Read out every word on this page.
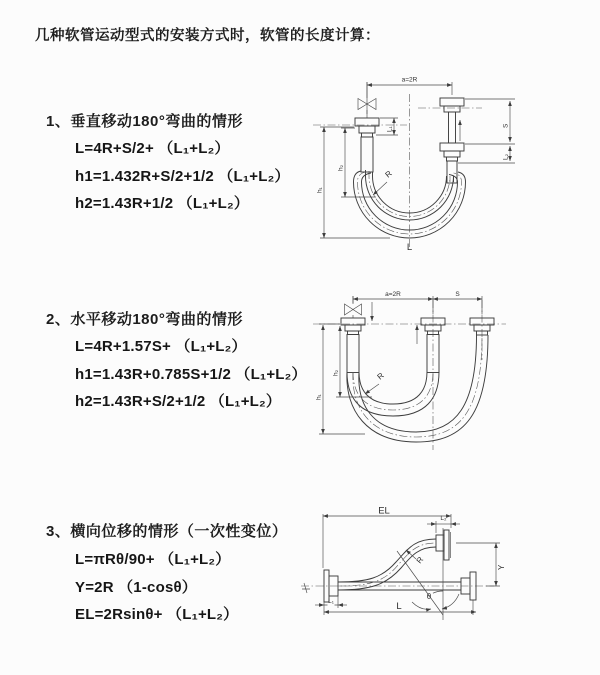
几种软管运动型式的安装方式时，软管的长度计算：
1、垂直移动180°弯曲的情形
L=4R+S/2+ （L₁+L₂）
h1=1.432R+S/2+1/2 （L₁+L₂）
h2=1.43R+1/2 （L₁+L₂）
2、水平移动180°弯曲的情形
L=4R+1.57S+ （L₁+L₂）
h1=1.43R+0.785S+1/2 （L₁+L₂）
h2=1.43R+S/2+1/2 （L₁+L₂）
3、横向位移的情形（一次性变位）
L=πRθ/90+ （L₁+L₂）
Y=2R （1-cosθ）
EL=2Rsinθ+ （L₁+L₂）
a=2R
h₁
h₂
L₁
S
L₂
R
L
a=2R	S
h₁
h₂	R
L₂
EL
Y
L
L₁
θ
R
